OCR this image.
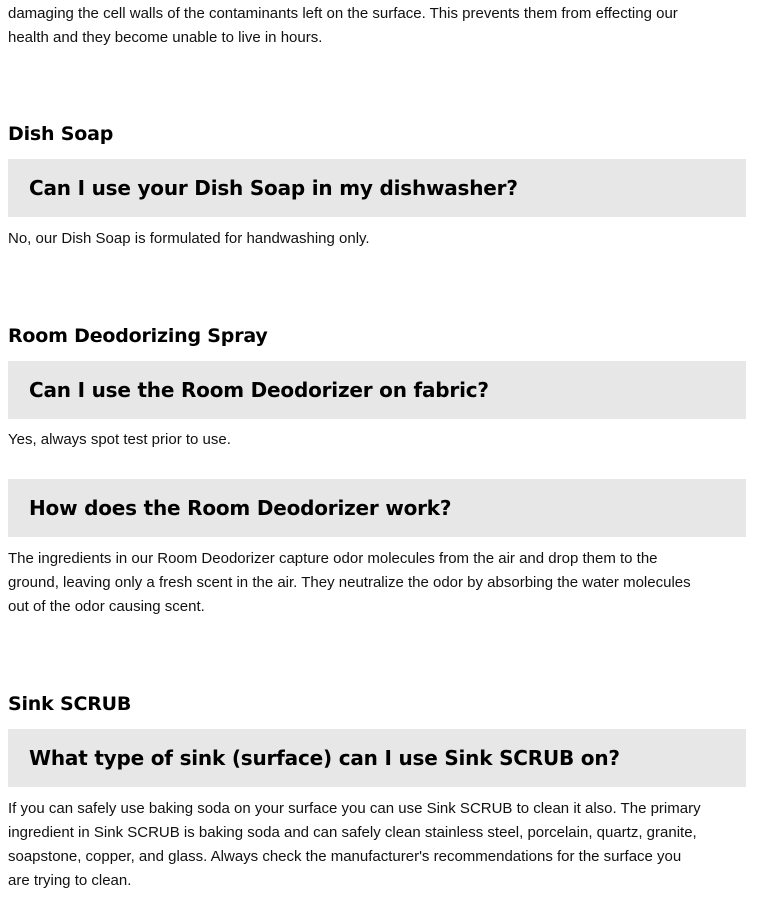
damaging the cell walls of the contaminants left on the surface. This prevents them from effecting our
health and they become unable to live in hours.

Dish Soap
Can I use your Dish Soap in my dishwasher?

No, our Dish Soap is formulated for handwashing only.

Room Deodorizing Spray
Can I use the Room Deodorizer on fabric?

Yes, always spot test prior to use.

How does the Room Deodorizer work?

The ingredients in our Room Deodorizer capture odor molecules from the air and drop them to the
ground, leaving only a fresh scent in the air. They neutralize the odor by absorbing the water molecules
out of the odor causing scent.

Sink SCRUB
What type of sink (surface) can I use Sink SCRUB on?

If you can safely use baking soda on your surface you can use Sink SCRUB to clean it also. The primary
ingredient in Sink SCRUB is baking soda and can safely clean stainless steel, porcelain, quartz, granite,
soapstone, copper, and glass. Always check the manufacturer's recommendations for the surface you
are trying to clean.
